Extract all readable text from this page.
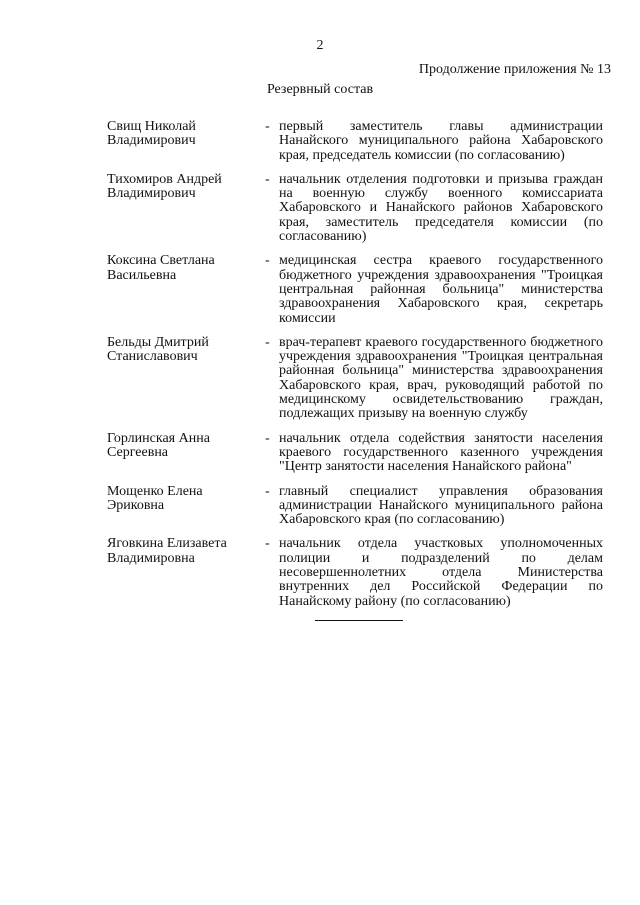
2
Продолжение приложения № 13
Резервный состав
Свищ Николай
Владимирович
- первый заместитель главы администрации Нанайского муниципального района Хабаровского края, председатель комиссии (по согласованию)
Тихомиров Андрей
Владимирович
- начальник отделения подготовки и призыва граждан на военную службу военного комиссариата Хабаровского и Нанайского районов Хабаровского края, заместитель председателя комиссии (по согласованию)
Коксина Светлана
Васильевна
- медицинская сестра краевого государственного бюджетного учреждения здравоохранения "Троицкая центральная районная больница" министерства здравоохранения Хабаровского края, секретарь комиссии
Бельды Дмитрий
Станиславович
- врач-терапевт краевого государственного бюджетного учреждения здравоохранения "Троицкая центральная районная больница" министерства здравоохранения Хабаровского края, врач, руководящий работой по медицинскому освидетельствованию граждан, подлежащих призыву на военную службу
Горлинская Анна
Сергеевна
- начальник отдела содействия занятости населения краевого государственного казенного учреждения "Центр занятости населения Нанайского района"
Мощенко Елена
Эриковна
- главный специалист управления образования администрации Нанайского муниципального района Хабаровского края (по согласованию)
Яговкина Елизавета
Владимировна
- начальник отдела участковых уполномоченных полиции и подразделений по делам несовершеннолетних отдела Министерства внутренних дел Российской Федерации по Нанайскому району (по согласованию)
